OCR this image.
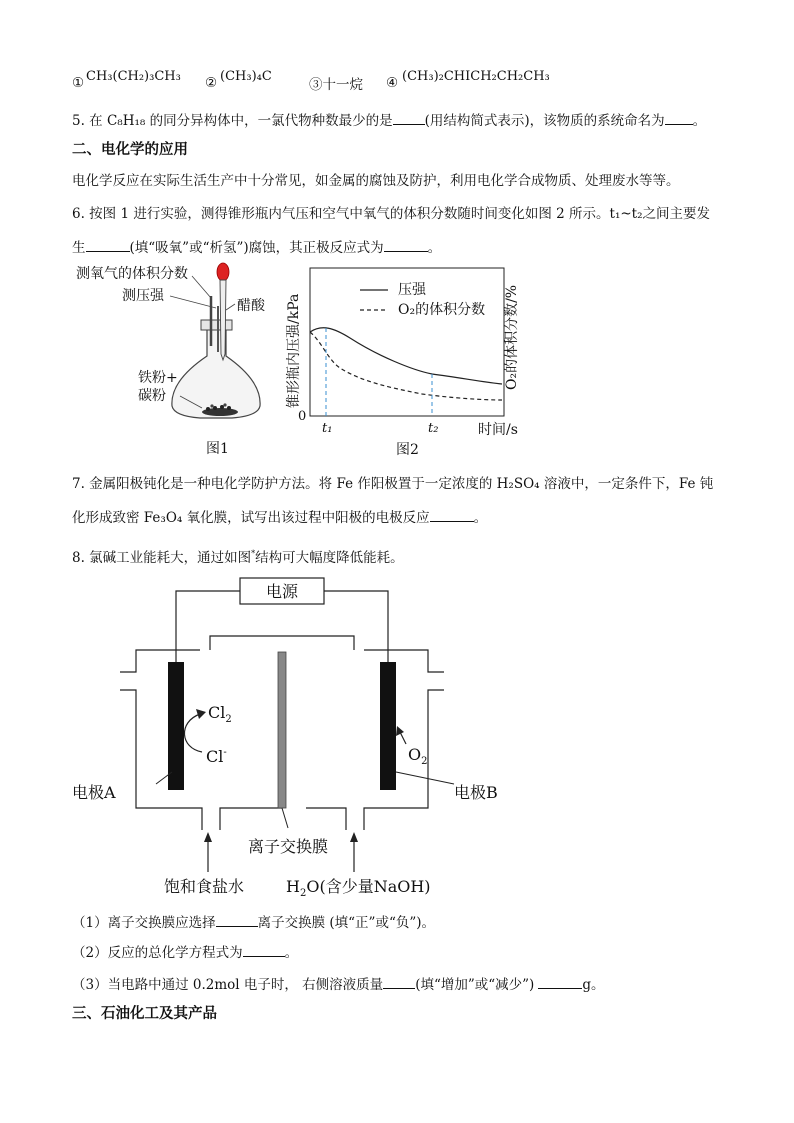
① CH₃(CH₂)₃CH₃ ② (CH₃)₄C
③十一烷 ④ (CH₃)₂CHICH₂CH₂CH₃
5. 在 C₈H₁₈ 的同分异构体中，一氯代物种数最少的是 (用结构简式表示)，该物质的系统命名为 。
二、电化学的应用
电化学反应在实际生活生产中十分常见，如金属的腐蚀及防护，利用电化学合成物质、处理废水等等。
6. 按图 1 进行实验，测得锥形瓶内气压和空气中氧气的体积分数随时间变化如图 2 所示。t₁~t₂之间主要发
生	(填“吸氧”或“析氢”)腐蚀，其正极反应式为	。
测氧气的体积分数
测压强
醋酸
铁粉+
碳粉
图1
锥形瓶内压强/kPa	O₂的体积分数/%
压强
O₂的体积分数
0
t₁	t₂	时间/s
图2
7. 金属阳极钝化是一种电化学防护方法。将 Fe 作阳极置于一定浓度的 H₂SO₄ 溶液中，一定条件下，Fe 钝
化形成致密 Fe₃O₄ 氧化膜，试写出该过程中阳极的电极反应	。
8. 氯碱工业能耗大，通过如图*结构可大幅度降低能耗。
电源
$Cl_2$
Cl-	$O_2$
电极A	电极B
离子交换膜
饱和食盐水	$H_2O$(含少量NaOH)
（1）离子交换膜应选择	离子交换膜 (填“正”或“负”)。
（2）反应的总化学方程式为	。
（3）当电路中通过 0.2mol 电子时， 右侧溶液质量 (填“增加”或“减少”)	g。
三、石油化工及其产品
